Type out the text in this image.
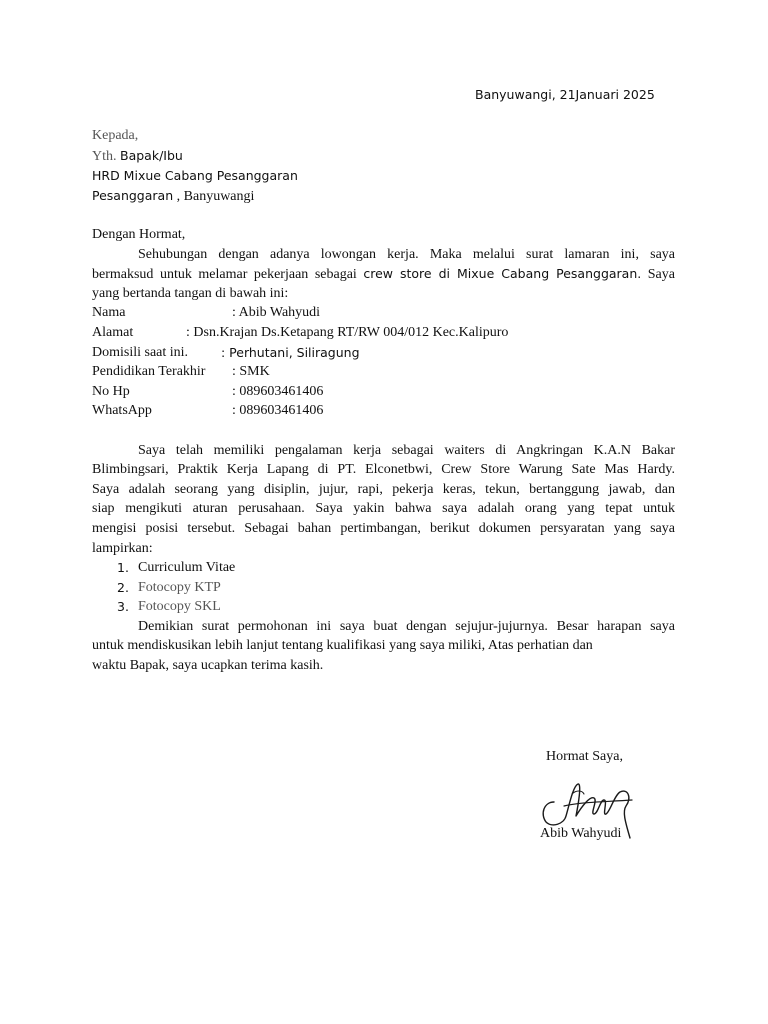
Banyuwangi, 21Januari 2025
Kepada,
Yth. Bapak/Ibu
HRD Mixue Cabang Pesanggaran
Pesanggaran , Banyuwangi
Dengan Hormat,
Sehubungan dengan adanya lowongan kerja. Maka melalui surat lamaran ini, saya
bermaksud untuk melamar pekerjaan sebagai crew store di Mixue Cabang Pesanggaran. Saya
yang bertanda tangan di bawah ini:
Nama	: Abib Wahyudi
Alamat	: Dsn.Krajan Ds.Ketapang RT/RW 004/012 Kec.Kalipuro
Domisili saat ini.	: Perhutani, Siliragung
Pendidikan Terakhir : SMK
No Hp	: 089603461406
WhatsApp	: 089603461406
Saya telah memiliki pengalaman kerja sebagai waiters di Angkringan K.A.N Bakar
Blimbingsari, Praktik Kerja Lapang di PT. Elconetbwi, Crew Store Warung Sate Mas Hardy.
Saya adalah seorang yang disiplin, jujur, rapi, pekerja keras, tekun, bertanggung jawab, dan
siap mengikuti aturan perusahaan. Saya yakin bahwa saya adalah orang yang tepat untuk
mengisi posisi tersebut. Sebagai bahan pertimbangan, berikut dokumen persyaratan yang saya
lampirkan:
1. Curriculum Vitae
2. Fotocopy KTP
3. Fotocopy SKL
Demikian surat permohonan ini saya buat dengan sejujur-jujurnya. Besar harapan saya
untuk mendiskusikan lebih lanjut tentang kualifikasi yang saya miliki, Atas perhatian dan
waktu Bapak, saya ucapkan terima kasih.
Hormat Saya,
Abib Wahyudi
